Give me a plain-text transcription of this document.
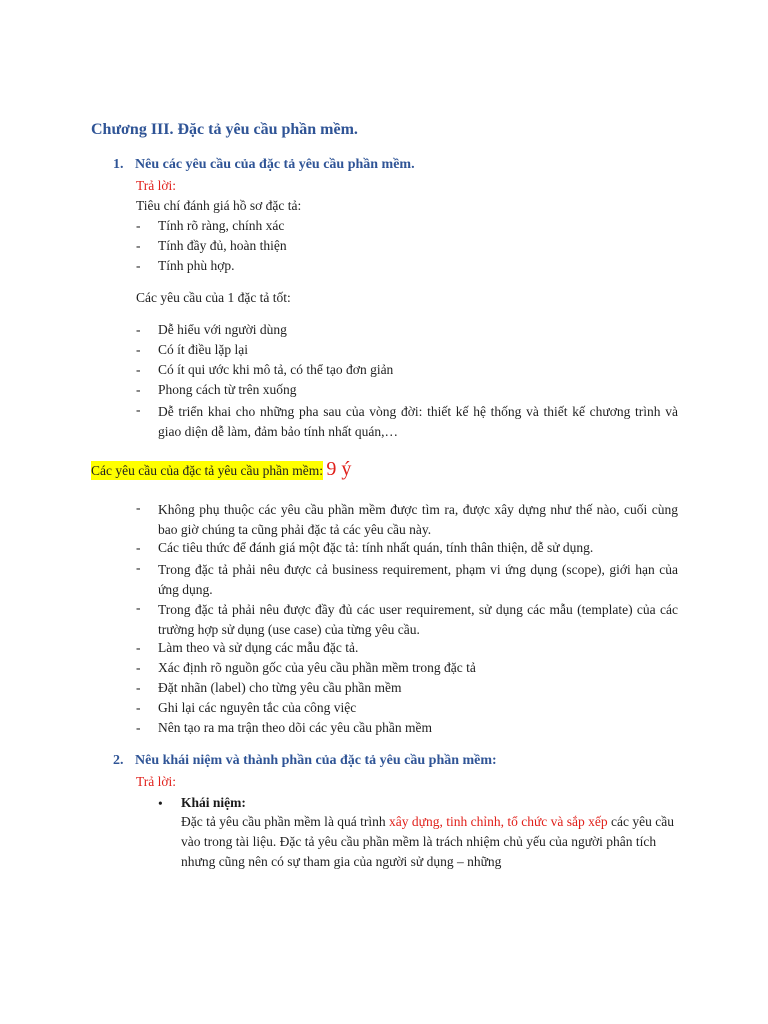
Chương III. Đặc tả yêu cầu phần mềm.
1. Nêu các yêu cầu của đặc tả yêu cầu phần mềm.
Trả lời:
Tiêu chí đánh giá hồ sơ đặc tả:
- Tính rõ ràng, chính xác
- Tính đầy đủ, hoàn thiện
- Tính phù hợp.
Các yêu cầu của 1 đặc tả tốt:
- Dễ hiểu với người dùng
- Có ít điều lặp lại
- Có ít qui ước khi mô tả, có thể tạo đơn giản
- Phong cách từ trên xuống
- Dễ triển khai cho những pha sau của vòng đời: thiết kế hệ thống và thiết kế chương trình và giao diện dễ làm, đảm bảo tính nhất quán,…
Các yêu cầu của đặc tả yêu cầu phần mềm: 9 ý
- Không phụ thuộc các yêu cầu phần mềm được tìm ra, được xây dựng như thế nào, cuối cùng bao giờ chúng ta cũng phải đặc tả các yêu cầu này.
- Các tiêu thức để đánh giá một đặc tả: tính nhất quán, tính thân thiện, dễ sử dụng.
- Trong đặc tả phải nêu được cả business requirement, phạm vi ứng dụng (scope), giới hạn của ứng dụng.
- Trong đặc tả phải nêu được đầy đủ các user requirement, sử dụng các mẫu (template) của các trường hợp sử dụng (use case) của từng yêu cầu.
- Làm theo và sử dụng các mẫu đặc tả.
- Xác định rõ nguồn gốc của yêu cầu phần mềm trong đặc tả
- Đặt nhãn (label) cho từng yêu cầu phần mềm
- Ghi lại các nguyên tắc của công việc
- Nên tạo ra ma trận theo dõi các yêu cầu phần mềm
2. Nêu khái niệm và thành phần của đặc tả yêu cầu phần mềm:
Trả lời:
• Khái niệm:
Đặc tả yêu cầu phần mềm là quá trình xây dựng, tinh chỉnh, tổ chức và sắp xếp các yêu cầu vào trong tài liệu. Đặc tả yêu cầu phần mềm là trách nhiệm chủ yếu của người phân tích nhưng cũng nên có sự tham gia của người sử dụng – những
